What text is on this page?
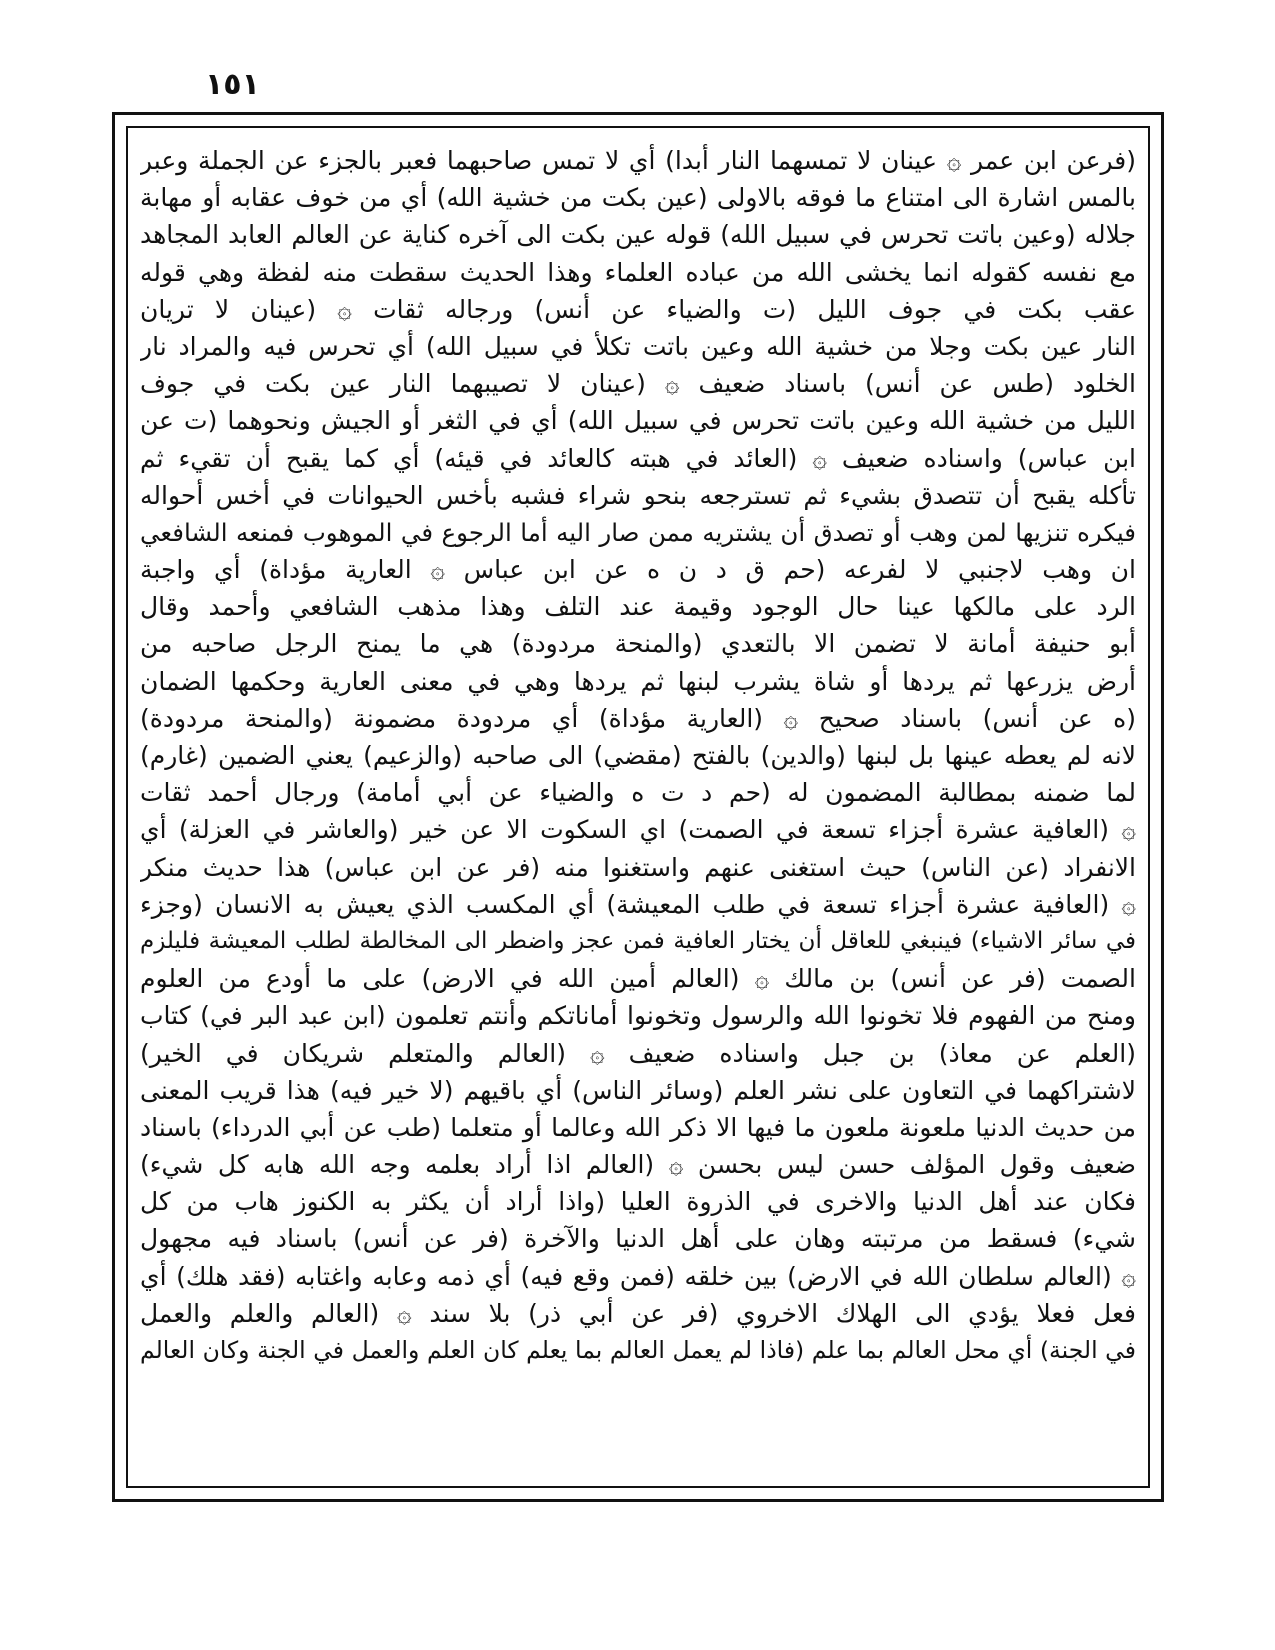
١٥١
(فرعن ابن عمر ۞ عينان لا تمسهما النار أبدا) أي لا تمس صاحبهما فعبر بالجزء عن الجملة وعبر
بالمس اشارة الى امتناع ما فوقه بالاولى (عين بكت من خشية الله) أي من خوف عقابه أو مهابة
جلاله (وعين باتت تحرس في سبيل الله) قوله عين بكت الى آخره كناية عن العالم العابد المجاهد
مع نفسه كقوله انما يخشى الله من عباده العلماء وهذا الحديث سقطت منه لفظة وهي قوله
عقب بكت في جوف الليل (ت والضياء عن أنس) ورجاله ثقات ۞ (عينان لا تريان
النار عين بكت وجلا من خشية الله وعين باتت تكلأ في سبيل الله) أي تحرس فيه والمراد نار
الخلود (طس عن أنس) باسناد ضعيف ۞ (عينان لا تصيبهما النار عين بكت في جوف
الليل من خشية الله وعين باتت تحرس في سبيل الله) أي في الثغر أو الجيش ونحوهما (ت عن
ابن عباس) واسناده ضعيف ۞ (العائد في هبته كالعائد في قيئه) أي كما يقبح أن تقيء ثم
تأكله يقبح أن تتصدق بشيء ثم تسترجعه بنحو شراء فشبه بأخس الحيوانات في أخس أحواله
فيكره تنزيها لمن وهب أو تصدق أن يشتريه ممن صار اليه أما الرجوع في الموهوب فمنعه الشافعي
ان وهب لاجنبي لا لفرعه (حم ق د ن ه عن ابن عباس ۞ العارية مؤداة) أي واجبة
الرد على مالكها عينا حال الوجود وقيمة عند التلف وهذا مذهب الشافعي وأحمد وقال
أبو حنيفة أمانة لا تضمن الا بالتعدي (والمنحة مردودة) هي ما يمنح الرجل صاحبه من
أرض يزرعها ثم يردها أو شاة يشرب لبنها ثم يردها وهي في معنى العارية وحكمها الضمان
(ه عن أنس) باسناد صحيح ۞ (العارية مؤداة) أي مردودة مضمونة (والمنحة مردودة)
لانه لم يعطه عينها بل لبنها (والدين) بالفتح (مقضي) الى صاحبه (والزعيم) يعني الضمين (غارم)
لما ضمنه بمطالبة المضمون له (حم د ت ه والضياء عن أبي أمامة) ورجال أحمد ثقات
۞ (العافية عشرة أجزاء تسعة في الصمت) اي السكوت الا عن خير (والعاشر في العزلة) أي
الانفراد (عن الناس) حيث استغنى عنهم واستغنوا منه (فر عن ابن عباس) هذا حديث منكر
۞ (العافية عشرة أجزاء تسعة في طلب المعيشة) أي المكسب الذي يعيش به الانسان (وجزء
في سائر الاشياء) فينبغي للعاقل أن يختار العافية فمن عجز واضطر الى المخالطة لطلب المعيشة فليلزم
الصمت (فر عن أنس) بن مالك ۞ (العالم أمين الله في الارض) على ما أودع من العلوم
ومنح من الفهوم فلا تخونوا الله والرسول وتخونوا أماناتكم وأنتم تعلمون (ابن عبد البر في) كتاب
(العلم عن معاذ) بن جبل واسناده ضعيف ۞ (العالم والمتعلم شريكان في الخير)
لاشتراكهما في التعاون على نشر العلم (وسائر الناس) أي باقيهم (لا خير فيه) هذا قريب المعنى
من حديث الدنيا ملعونة ملعون ما فيها الا ذكر الله وعالما أو متعلما (طب عن أبي الدرداء) باسناد
ضعيف وقول المؤلف حسن ليس بحسن ۞ (العالم اذا أراد بعلمه وجه الله هابه كل شيء)
فكان عند أهل الدنيا والاخرى في الذروة العليا (واذا أراد أن يكثر به الكنوز هاب من كل
شيء) فسقط من مرتبته وهان على أهل الدنيا والآخرة (فر عن أنس) باسناد فيه مجهول
۞ (العالم سلطان الله في الارض) بين خلقه (فمن وقع فيه) أي ذمه وعابه واغتابه (فقد هلك) أي
فعل فعلا يؤدي الى الهلاك الاخروي (فر عن أبي ذر) بلا سند ۞ (العالم والعلم والعمل
في الجنة) أي محل العالم بما علم (فاذا لم يعمل العالم بما يعلم كان العلم والعمل في الجنة وكان العالم
